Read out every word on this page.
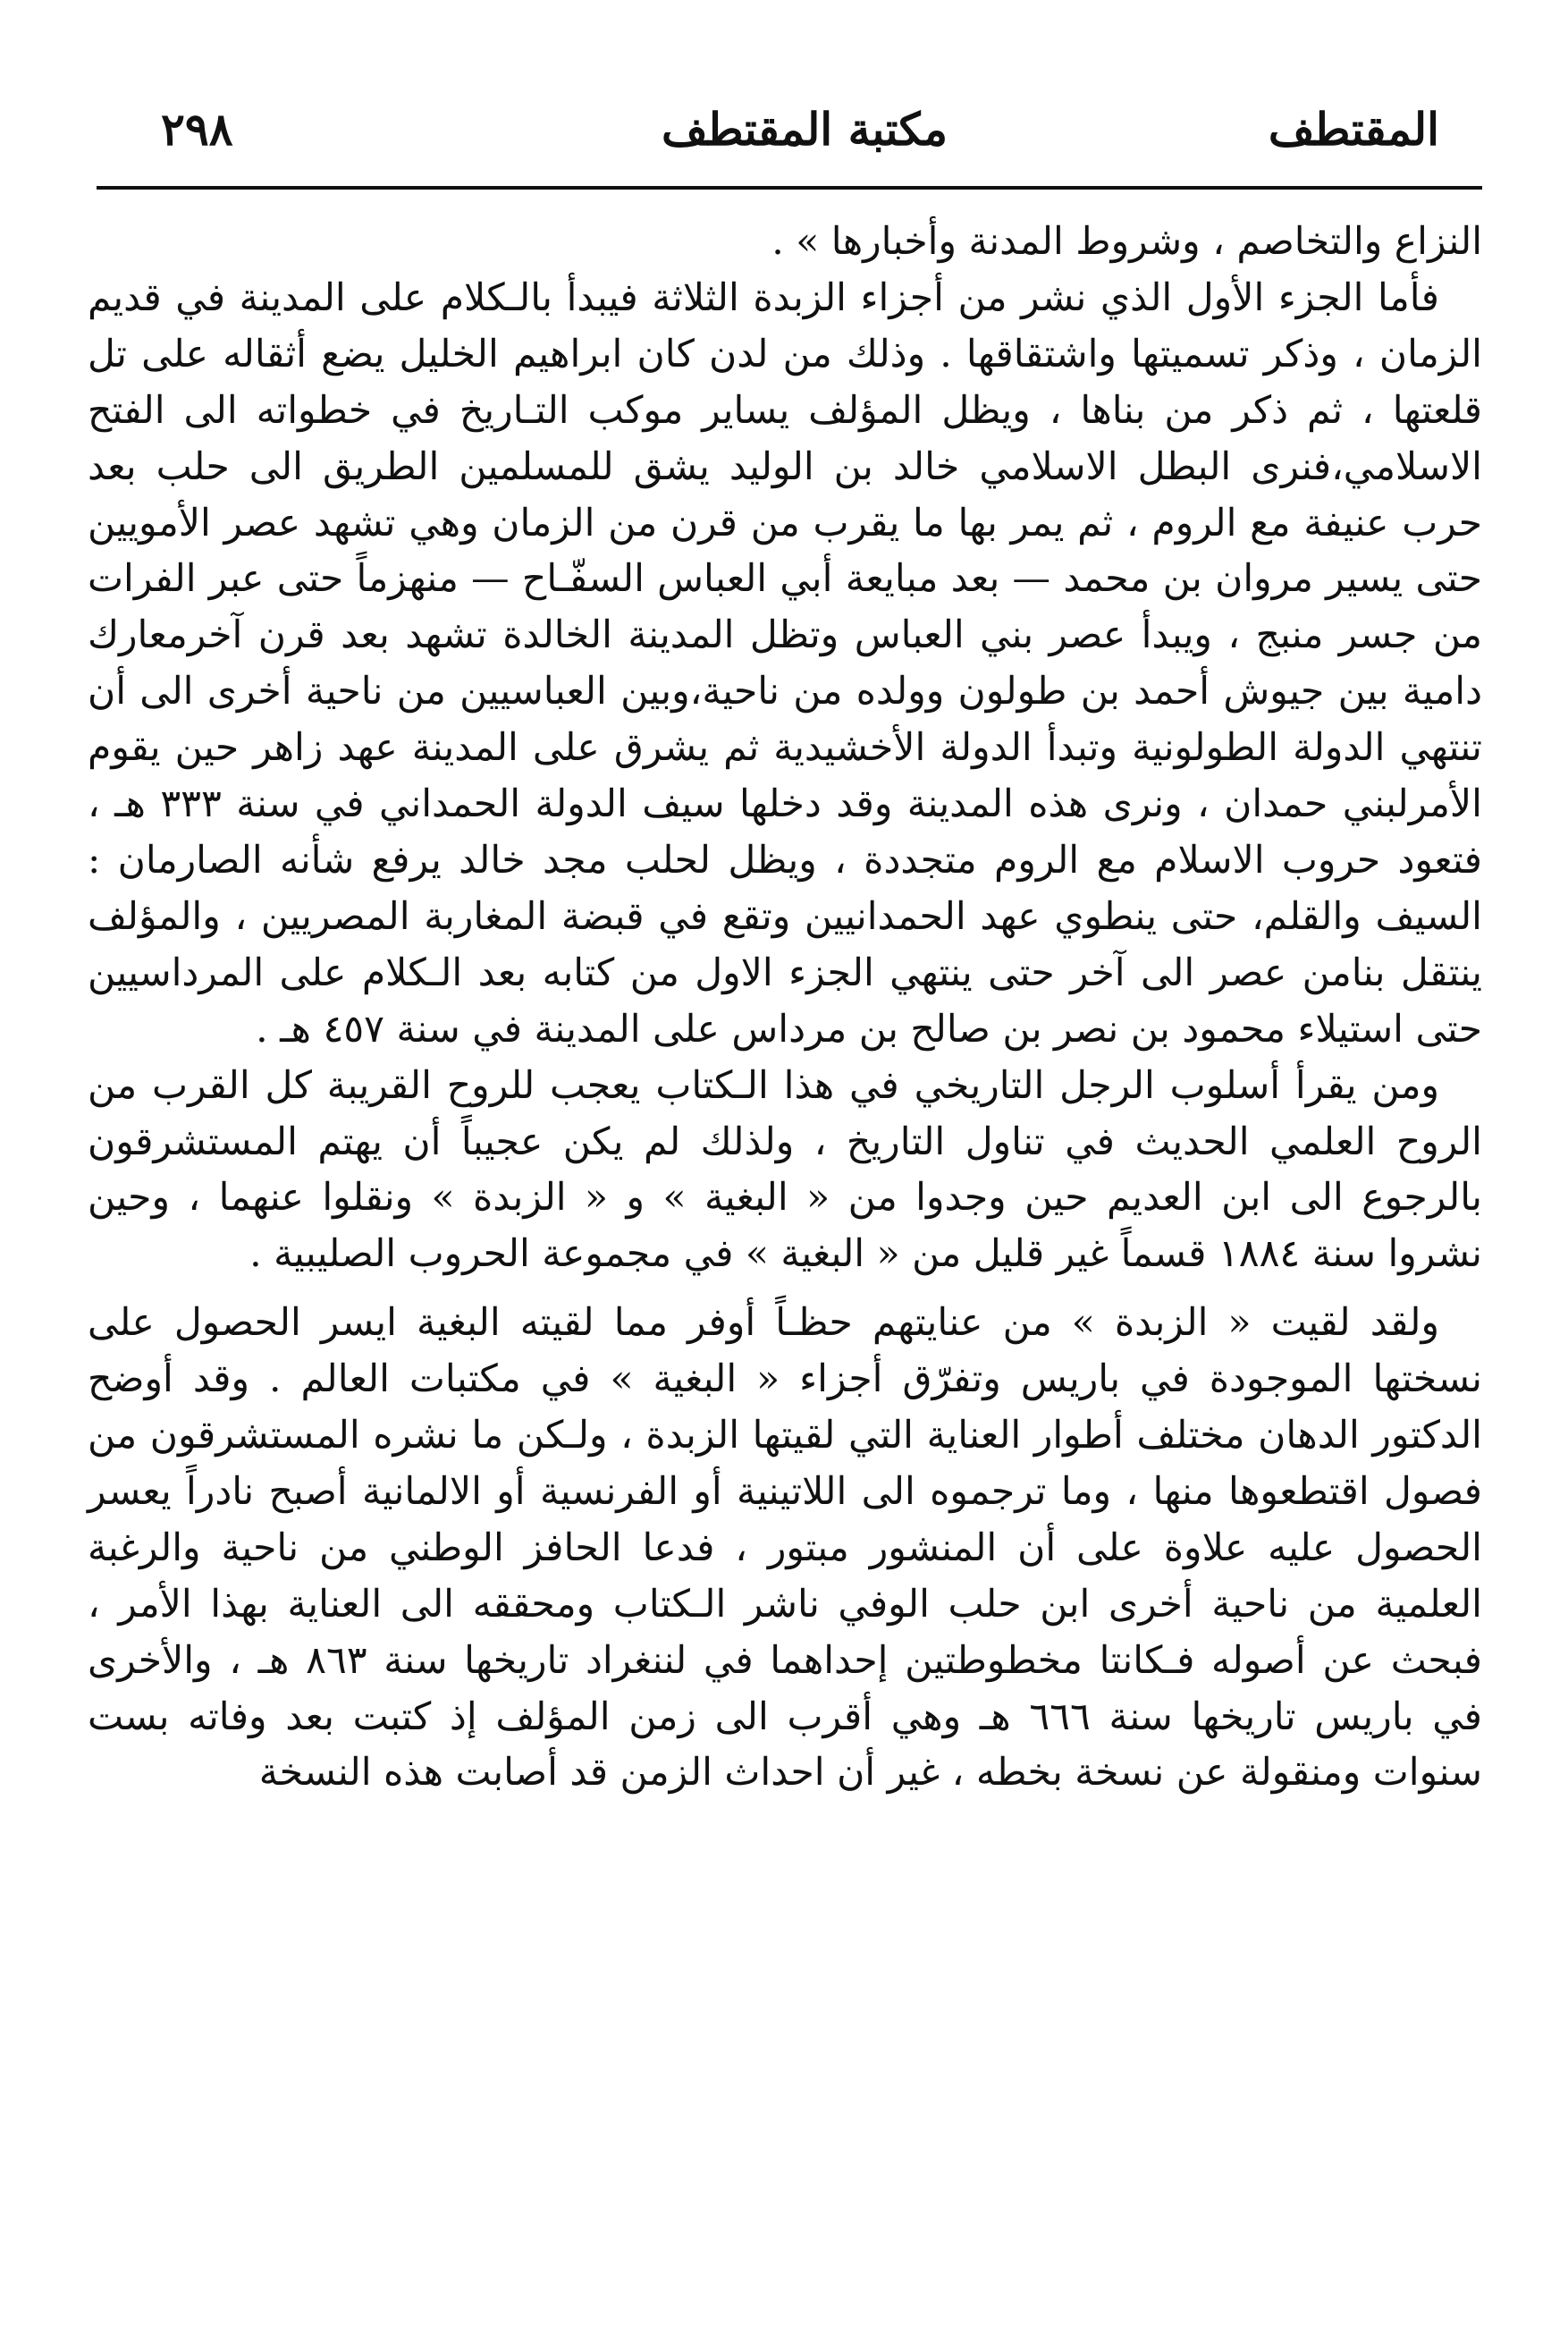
٢٩٨	مكتبة المقتطف	المقتطف

النزاع والتخاصم ، وشروط المدنة وأخبارها » .

فأما الجزء الأول الذي نشر من أجزاء الزبدة الثلاثة فيبدأ بالـكلام على المدينة في قديم الزمان ، وذكر تسميتها واشتقاقها . وذلك من لدن كان ابراهيم الخليل يضع أثقاله على تل قلعتها ، ثم ذكر من بناها ، ويظل المؤلف يساير موكب التـاريخ في خطواته الى الفتح الاسلامي،فنرى البطل الاسلامي خالد بن الوليد يشق للمسلمين الطريق الى حلب بعد حرب عنيفة مع الروم ، ثم يمر بها ما يقرب من قرن من الزمان وهي تشهد عصر الأمويين حتى يسير مروان بن محمد — بعد مبايعة أبي العباس السفّـاح — منهزماً حتى عبر الفرات من جسر منبج ، ويبدأ عصر بني العباس وتظل المدينة الخالدة تشهد بعد قرن آخرمعارك دامية بين جيوش أحمد بن طولون وولده من ناحية،وبين العباسيين من ناحية أخرى الى أن تنتهي الدولة الطولونية وتبدأ الدولة الأخشيدية ثم يشرق على المدينة عهد زاهر حين يقوم الأمرلبني حمدان ، ونرى هذه المدينة وقد دخلها سيف الدولة الحمداني في سنة ٣٣٣ هـ ، فتعود حروب الاسلام مع الروم متجددة ، ويظل لحلب مجد خالد يرفع شأنه الصارمان : السيف والقلم، حتى ينطوي عهد الحمدانيين وتقع في قبضة المغاربة المصريين ، والمؤلف ينتقل بنامن عصر الى آخر حتى ينتهي الجزء الاول من كتابه بعد الـكلام على المرداسيين حتى استيلاء محمود بن نصر بن صالح بن مرداس على المدينة في سنة ٤٥٧ هـ .

ومن يقرأ أسلوب الرجل التاريخي في هذا الـكتاب يعجب للروح القريبة كل القرب من الروح العلمي الحديث في تناول التاريخ ، ولذلك لم يكن عجيباً أن يهتم المستشرقون بالرجوع الى ابن العديم حين وجدوا من « البغية » و « الزبدة » ونقلوا عنهما ، وحين نشروا سنة ١٨٨٤ قسماً غير قليل من « البغية » في مجموعة الحروب الصليبية .

ولقد لقيت « الزبدة » من عنايتهم حظـاً أوفر مما لقيته البغية ايسر الحصول على نسختها الموجودة في باريس وتفرّق أجزاء « البغية » في مكتبات العالم . وقد أوضح الدكتور الدهان مختلف أطوار العناية التي لقيتها الزبدة ، ولـكن ما نشره المستشرقون من فصول اقتطعوها منها ، وما ترجموه الى اللاتينية أو الفرنسية أو الالمانية أصبح نادراً يعسر الحصول عليه علاوة على أن المنشور مبتور ، فدعا الحافز الوطني من ناحية والرغبة العلمية من ناحية أخرى ابن حلب الوفي ناشر الـكتاب ومحققه الى العناية بهذا الأمر ، فبحث عن أصوله فـكانتا مخطوطتين إحداهما في لننغراد تاريخها سنة ٨٦٣ هـ ، والأخرى في باريس تاريخها سنة ٦٦٦ هـ وهي أقرب الى زمن المؤلف إذ كتبت بعد وفاته بست سنوات ومنقولة عن نسخة بخطه ، غير أن احداث الزمن قد أصابت هذه النسخة
